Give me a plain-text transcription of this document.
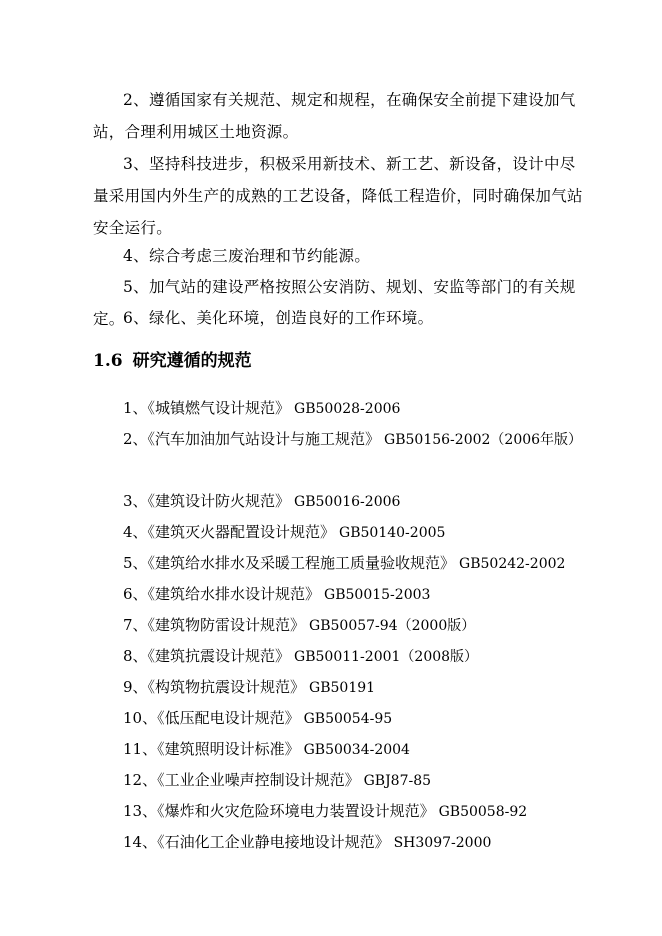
2、遵循国家有关规范、规定和规程，在确保安全前提下建设加气站，合理利用城区土地资源。

3、坚持科技进步，积极采用新技术、新工艺、新设备，设计中尽量采用国内外生产的成熟的工艺设备，降低工程造价，同时确保加气站安全运行。

4、综合考虑三废治理和节约能源。

5、加气站的建设严格按照公安消防、规划、安监等部门的有关规定。

6、绿化、美化环境，创造良好的工作环境。

1.6 研究遵循的规范
1、《城镇燃气设计规范》 GB50028-2006
2、《汽车加油加气站设计与施工规范》 GB50156-2002（2006年版）
3、《建筑设计防火规范》 GB50016-2006
4、《建筑灭火器配置设计规范》 GB50140-2005
5、《建筑给水排水及采暖工程施工质量验收规范》 GB50242-2002
6、《建筑给水排水设计规范》 GB50015-2003
7、《建筑物防雷设计规范》 GB50057-94（2000版）
8、《建筑抗震设计规范》 GB50011-2001（2008版）
9、《构筑物抗震设计规范》 GB50191
10、《低压配电设计规范》 GB50054-95
11、《建筑照明设计标准》 GB50034-2004
12、《工业企业噪声控制设计规范》 GBJ87-85
13、《爆炸和火灾危险环境电力装置设计规范》 GB50058-92
14、《石油化工企业静电接地设计规范》 SH3097-2000
